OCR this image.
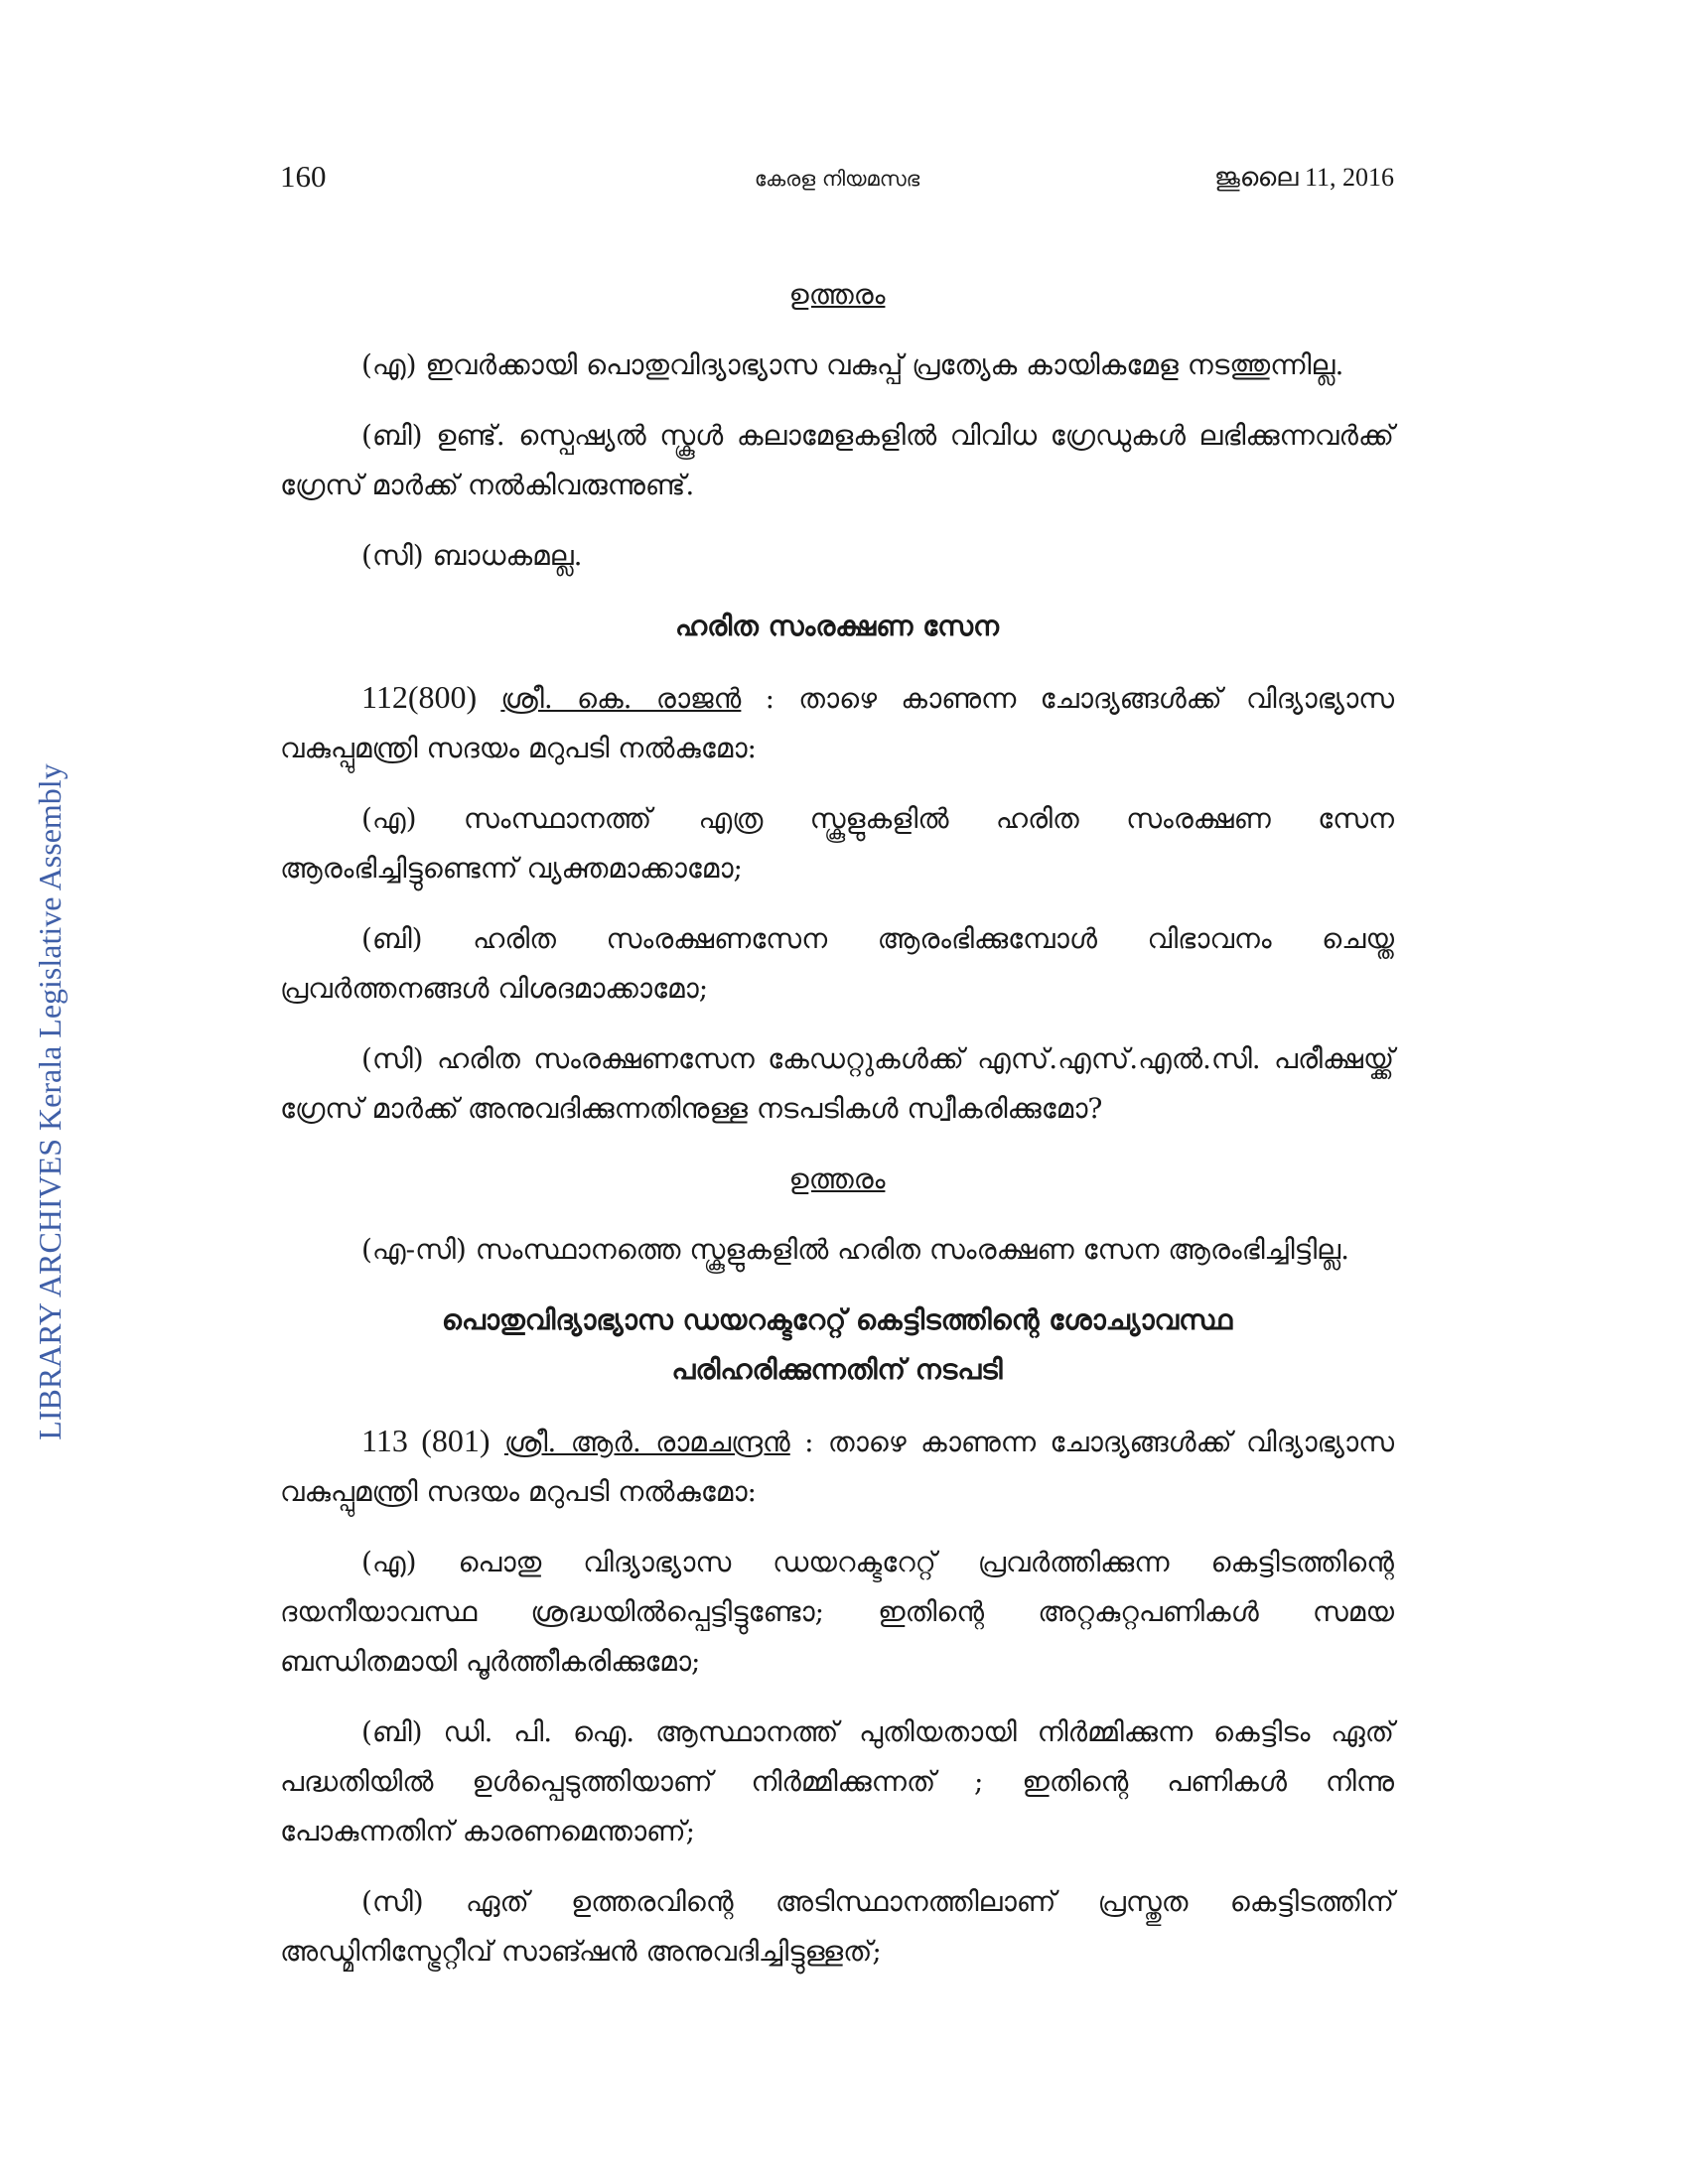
LIBRARY ARCHIVES Kerala Legislative Assembly
160	കേരള നിയമസഭ	ജൂലൈ 11, 2016

ഉത്തരം

(എ) ഇവർക്കായി പൊതുവിദ്യാഭ്യാസ വകുപ്പ് പ്രത്യേക കായികമേള നടത്തുന്നില്ല.

(ബി) ഉണ്ട്. സ്പെഷ്യൽ സ്കൂൾ കലാമേളകളിൽ വിവിധ ഗ്രേഡുകൾ ലഭിക്കുന്നവർക്ക് ഗ്രേസ് മാർക്ക് നൽകിവരുന്നുണ്ട്.

(സി) ബാധകമല്ല.

ഹരിത സംരക്ഷണ സേന

112(800) ശ്രീ. കെ. രാജൻ : താഴെ കാണുന്ന ചോദ്യങ്ങൾക്ക് വിദ്യാഭ്യാസ വകുപ്പുമന്ത്രി സദയം മറുപടി നൽകുമോ:

(എ) സംസ്ഥാനത്ത് എത്ര സ്കൂളുകളിൽ ഹരിത സംരക്ഷണ സേന ആരംഭിച്ചിട്ടുണ്ടെന്ന് വ്യക്തമാക്കാമോ;

(ബി) ഹരിത സംരക്ഷണസേന ആരംഭിക്കുമ്പോൾ വിഭാവനം ചെയ്ത പ്രവർത്തനങ്ങൾ വിശദമാക്കാമോ;

(സി) ഹരിത സംരക്ഷണസേന കേഡറ്റുകൾക്ക് എസ്.എസ്.എൽ.സി. പരീക്ഷയ്ക്ക് ഗ്രേസ് മാർക്ക് അനുവദിക്കുന്നതിനുള്ള നടപടികൾ സ്വീകരിക്കുമോ?

ഉത്തരം

(എ-സി) സംസ്ഥാനത്തെ സ്കൂളുകളിൽ ഹരിത സംരക്ഷണ സേന ആരംഭിച്ചിട്ടില്ല.

പൊതുവിദ്യാഭ്യാസ ഡയറക്ടറേറ്റ് കെട്ടിടത്തിന്റെ ശോച്യാവസ്ഥ
പരിഹരിക്കുന്നതിന് നടപടി

113 (801) ശ്രീ. ആർ. രാമചന്ദ്രൻ : താഴെ കാണുന്ന ചോദ്യങ്ങൾക്ക് വിദ്യാഭ്യാസ വകുപ്പുമന്ത്രി സദയം മറുപടി നൽകുമോ:

(എ) പൊതു വിദ്യാഭ്യാസ ഡയറക്ടറേറ്റ് പ്രവർത്തിക്കുന്ന കെട്ടിടത്തിന്റെ ദയനീയാവസ്ഥ ശ്രദ്ധയിൽപ്പെട്ടിട്ടുണ്ടോ; ഇതിന്റെ അറ്റകുറ്റപണികൾ സമയ ബന്ധിതമായി പൂർത്തീകരിക്കുമോ;

(ബി) ഡി. പി. ഐ. ആസ്ഥാനത്ത് പുതിയതായി നിർമ്മിക്കുന്ന കെട്ടിടം ഏത് പദ്ധതിയിൽ ഉൾപ്പെടുത്തിയാണ് നിർമ്മിക്കുന്നത് ; ഇതിന്റെ പണികൾ നിന്നു പോകുന്നതിന് കാരണമെന്താണ്;

(സി) ഏത് ഉത്തരവിന്റെ അടിസ്ഥാനത്തിലാണ് പ്രസ്തുത കെട്ടിടത്തിന് അഡ്മിനിസ്ട്രേറ്റീവ് സാങ്ഷൻ അനുവദിച്ചിട്ടുള്ളത്;
